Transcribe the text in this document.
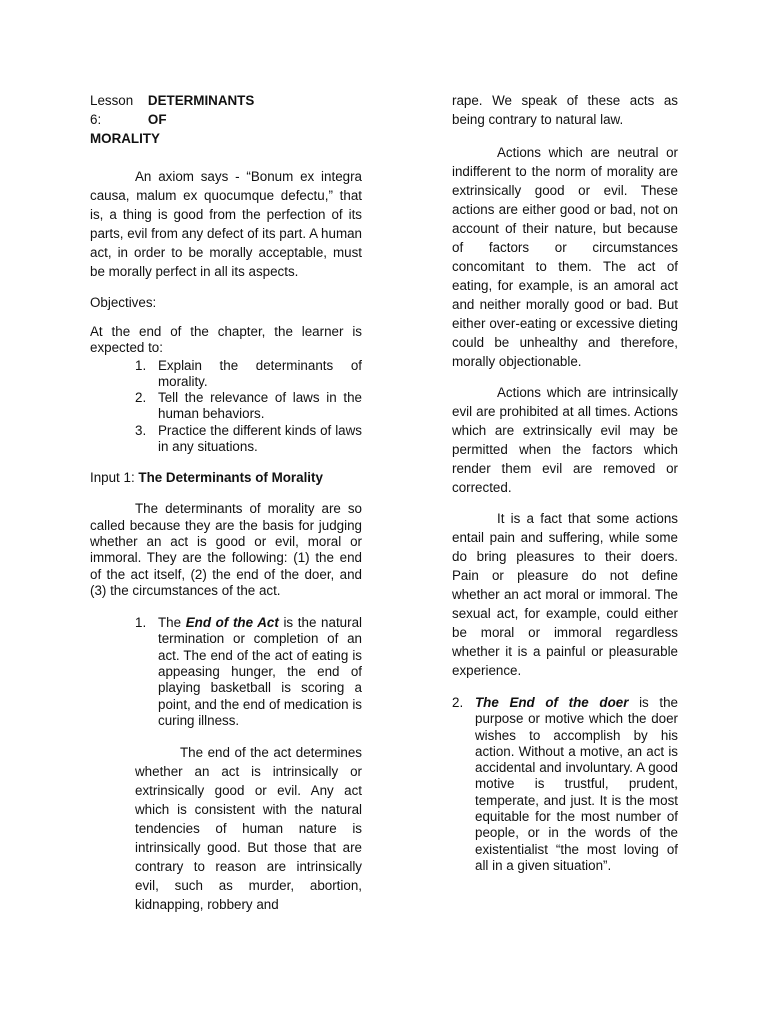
Lesson 6:
DETERMINANTS OF
MORALITY

An axiom says - “Bonum ex integra causa, malum ex quocumque defectu,” that is, a thing is good from the perfection of its parts, evil from any defect of its part. A human act, in order to be morally acceptable, must be morally perfect in all its aspects.

Objectives:

At the end of the chapter, the learner is expected to:

1. Explain the determinants of morality.
2. Tell the relevance of laws in the human behaviors.
3. Practice the different kinds of laws in any situations.

Input 1: The Determinants of Morality

The determinants of morality are so called because they are the basis for judging whether an act is good or evil, moral or immoral. They are the following: (1) the end of the act itself, (2) the end of the doer, and (3) the circumstances of the act.

1. The End of the Act is the natural termination or completion of an act. The end of the act of eating is appeasing hunger, the end of playing basketball is scoring a point, and the end of medication is curing illness.

The end of the act determines whether an act is intrinsically or extrinsically good or evil. Any act which is consistent with the natural tendencies of human nature is intrinsically good. But those that are contrary to reason are intrinsically evil, such as murder, abortion, kidnapping, robbery and

rape. We speak of these acts as being contrary to natural law.

Actions which are neutral or indifferent to the norm of morality are extrinsically good or evil. These actions are either good or bad, not on account of their nature, but because of factors or circumstances concomitant to them. The act of eating, for example, is an amoral act and neither morally good or bad. But either over-eating or excessive dieting could be unhealthy and therefore, morally objectionable.

Actions which are intrinsically evil are prohibited at all times. Actions which are extrinsically evil may be permitted when the factors which render them evil are removed or corrected.

It is a fact that some actions entail pain and suffering, while some do bring pleasures to their doers. Pain or pleasure do not define whether an act moral or immoral. The sexual act, for example, could either be moral or immoral regardless whether it is a painful or pleasurable experience.

2. The End of the doer is the purpose or motive which the doer wishes to accomplish by his action. Without a motive, an act is accidental and involuntary. A good motive is trustful, prudent, temperate, and just. It is the most equitable for the most number of people, or in the words of the existentialist “the most loving of all in a given situation”.
